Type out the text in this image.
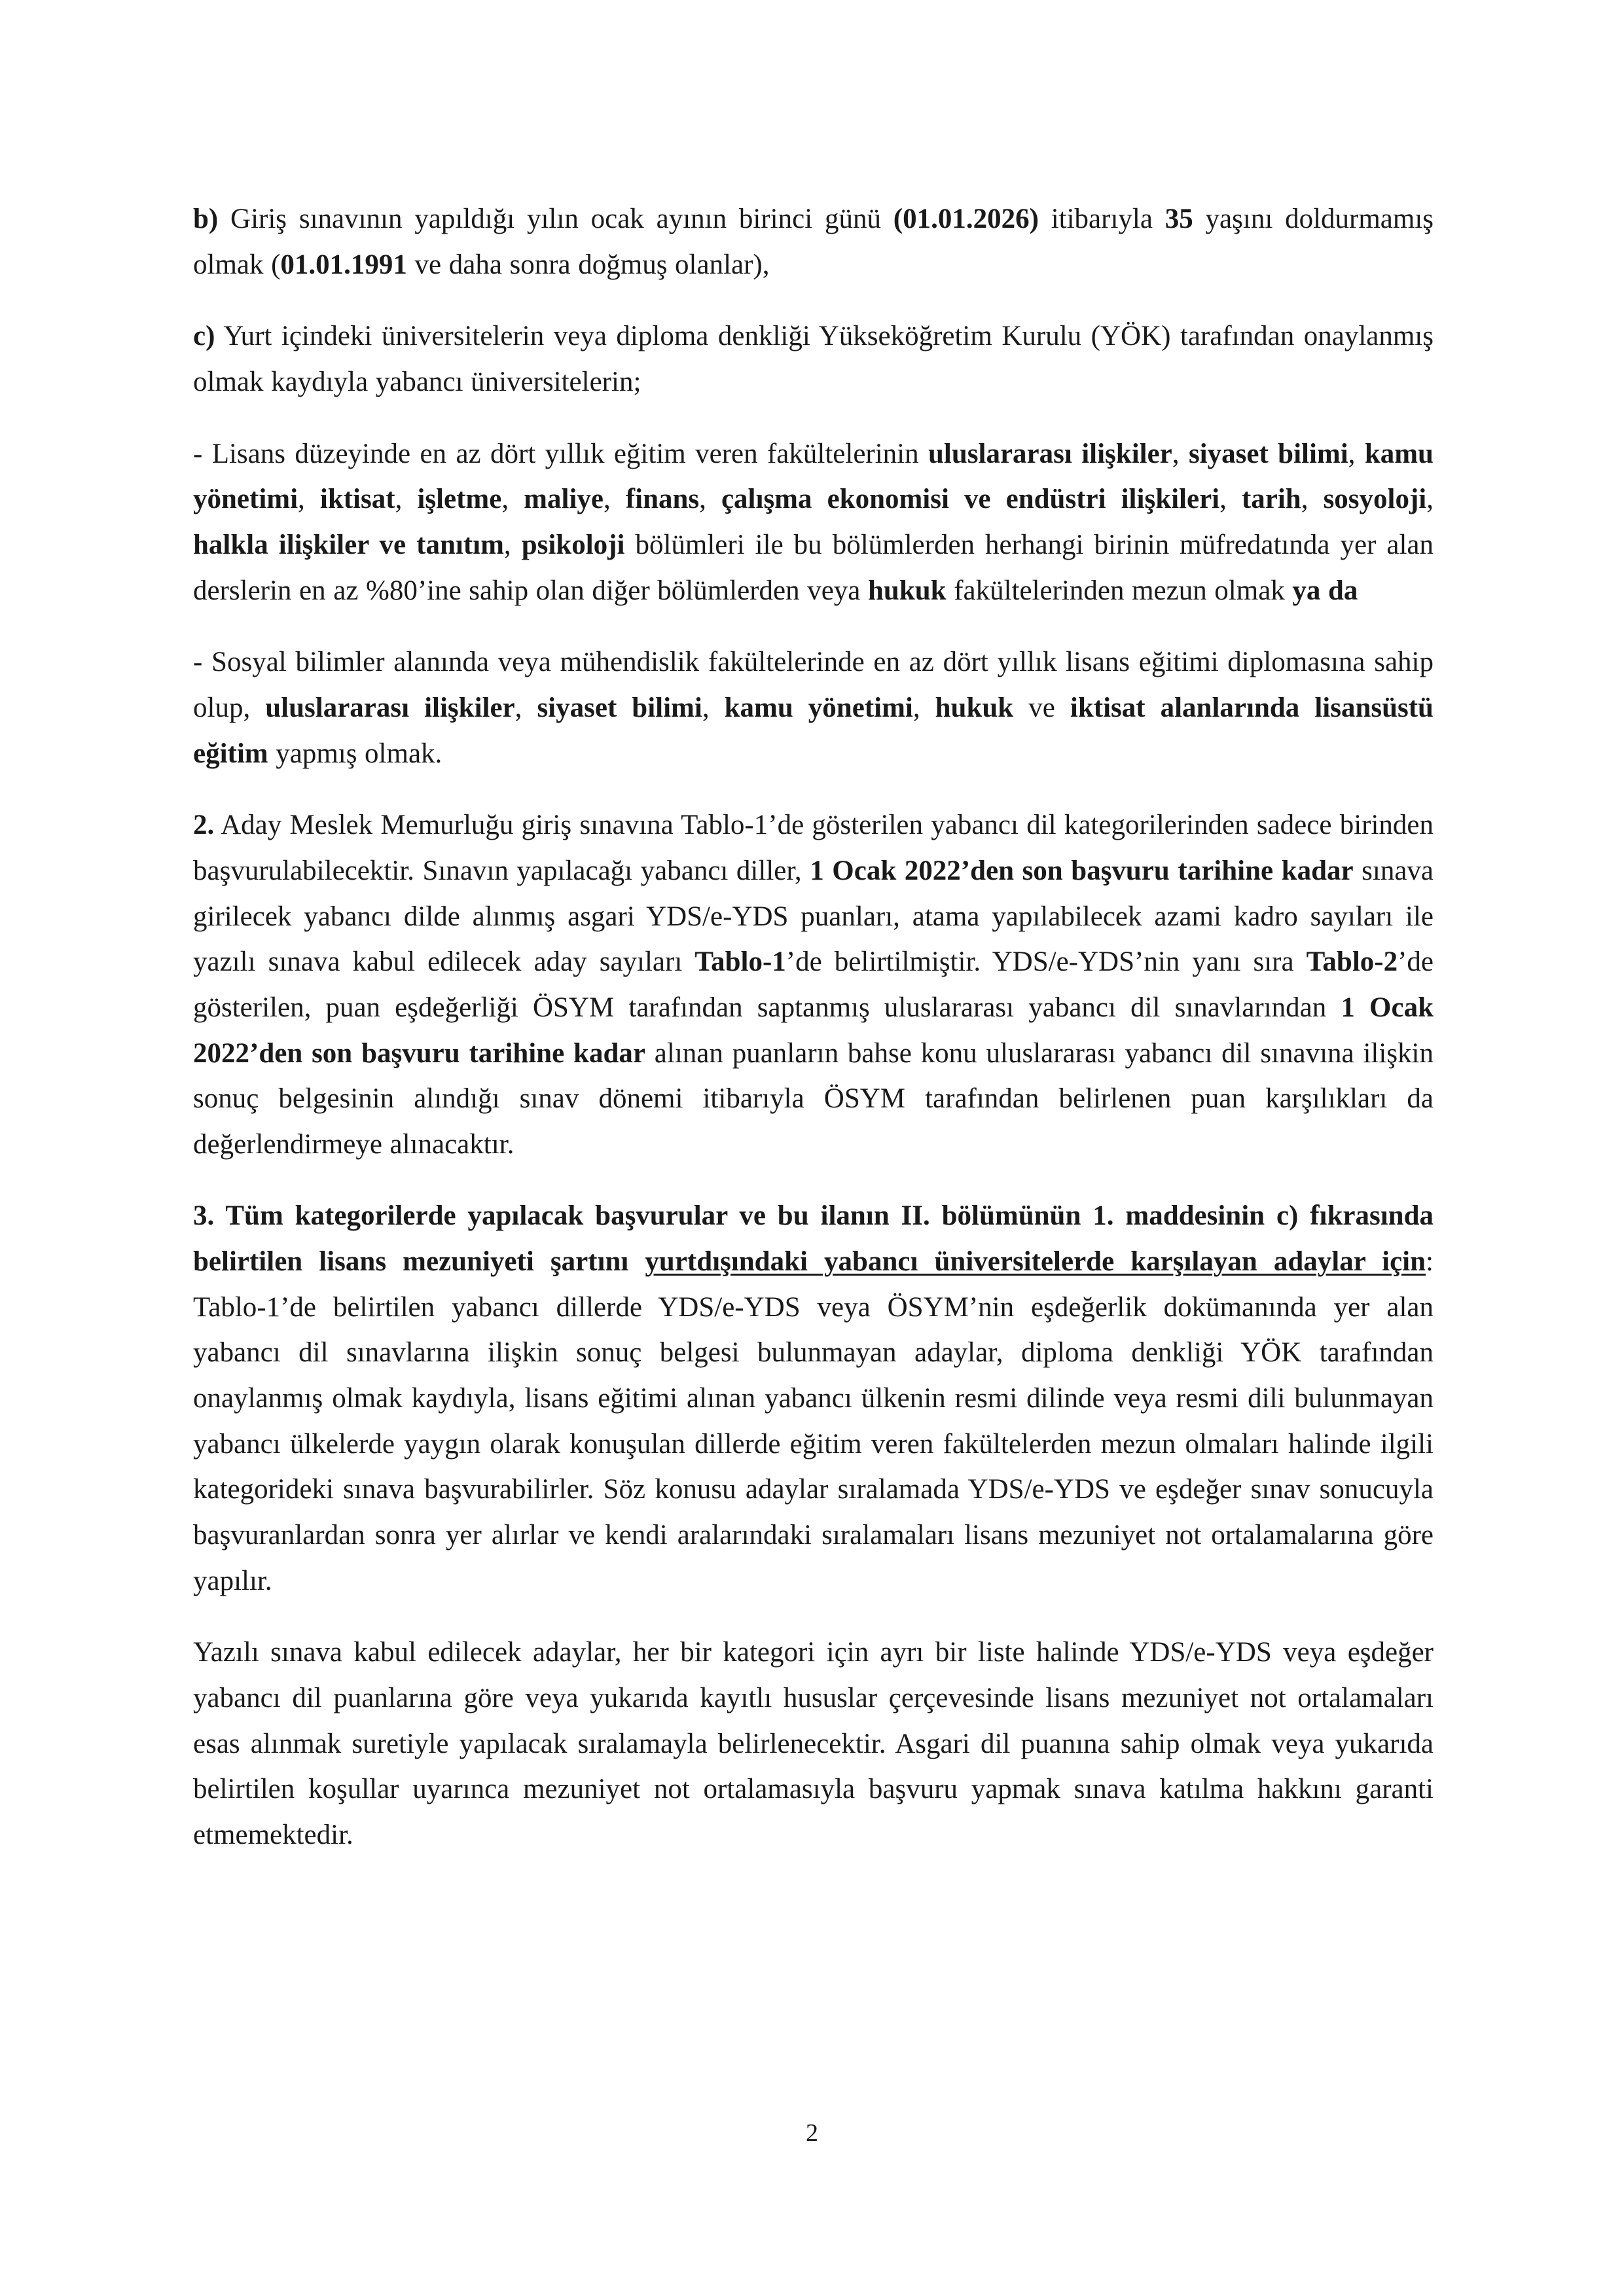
b) Giriş sınavının yapıldığı yılın ocak ayının birinci günü (01.01.2026) itibarıyla 35 yaşını doldurmamış olmak (01.01.1991 ve daha sonra doğmuş olanlar),

c) Yurt içindeki üniversitelerin veya diploma denkliği Yükseköğretim Kurulu (YÖK) tarafından onaylanmış olmak kaydıyla yabancı üniversitelerin;

- Lisans düzeyinde en az dört yıllık eğitim veren fakültelerinin uluslararası ilişkiler, siyaset bilimi, kamu yönetimi, iktisat, işletme, maliye, finans, çalışma ekonomisi ve endüstri ilişkileri, tarih, sosyoloji, halkla ilişkiler ve tanıtım, psikoloji bölümleri ile bu bölümlerden herhangi birinin müfredatında yer alan derslerin en az %80’ine sahip olan diğer bölümlerden veya hukuk fakültelerinden mezun olmak ya da

- Sosyal bilimler alanında veya mühendislik fakültelerinde en az dört yıllık lisans eğitimi diplomasına sahip olup, uluslararası ilişkiler, siyaset bilimi, kamu yönetimi, hukuk ve iktisat alanlarında lisansüstü eğitim yapmış olmak.

2. Aday Meslek Memurluğu giriş sınavına Tablo-1’de gösterilen yabancı dil kategorilerinden sadece birinden başvurulabilecektir. Sınavın yapılacağı yabancı diller, 1 Ocak 2022’den son başvuru tarihine kadar sınava girilecek yabancı dilde alınmış asgari YDS/e-YDS puanları, atama yapılabilecek azami kadro sayıları ile yazılı sınava kabul edilecek aday sayıları Tablo-1’de belirtilmiştir. YDS/e-YDS’nin yanı sıra Tablo-2’de gösterilen, puan eşdeğerliği ÖSYM tarafından saptanmış uluslararası yabancı dil sınavlarından 1 Ocak 2022’den son başvuru tarihine kadar alınan puanların bahse konu uluslararası yabancı dil sınavına ilişkin sonuç belgesinin alındığı sınav dönemi itibarıyla ÖSYM tarafından belirlenen puan karşılıkları da değerlendirmeye alınacaktır.

3. Tüm kategorilerde yapılacak başvurular ve bu ilanın II. bölümünün 1. maddesinin c) fıkrasında belirtilen lisans mezuniyeti şartını yurtdışındaki yabancı üniversitelerde karşılayan adaylar için: Tablo-1’de belirtilen yabancı dillerde YDS/e-YDS veya ÖSYM’nin eşdeğerlik dokümanında yer alan yabancı dil sınavlarına ilişkin sonuç belgesi bulunmayan adaylar, diploma denkliği YÖK tarafından onaylanmış olmak kaydıyla, lisans eğitimi alınan yabancı ülkenin resmi dilinde veya resmi dili bulunmayan yabancı ülkelerde yaygın olarak konuşulan dillerde eğitim veren fakültelerden mezun olmaları halinde ilgili kategorideki sınava başvurabilirler. Söz konusu adaylar sıralamada YDS/e-YDS ve eşdeğer sınav sonucuyla başvuranlardan sonra yer alırlar ve kendi aralarındaki sıralamaları lisans mezuniyet not ortalamalarına göre yapılır.

Yazılı sınava kabul edilecek adaylar, her bir kategori için ayrı bir liste halinde YDS/e-YDS veya eşdeğer yabancı dil puanlarına göre veya yukarıda kayıtlı hususlar çerçevesinde lisans mezuniyet not ortalamaları esas alınmak suretiyle yapılacak sıralamayla belirlenecektir. Asgari dil puanına sahip olmak veya yukarıda belirtilen koşullar uyarınca mezuniyet not ortalamasıyla başvuru yapmak sınava katılma hakkını garanti etmemektedir.

2
